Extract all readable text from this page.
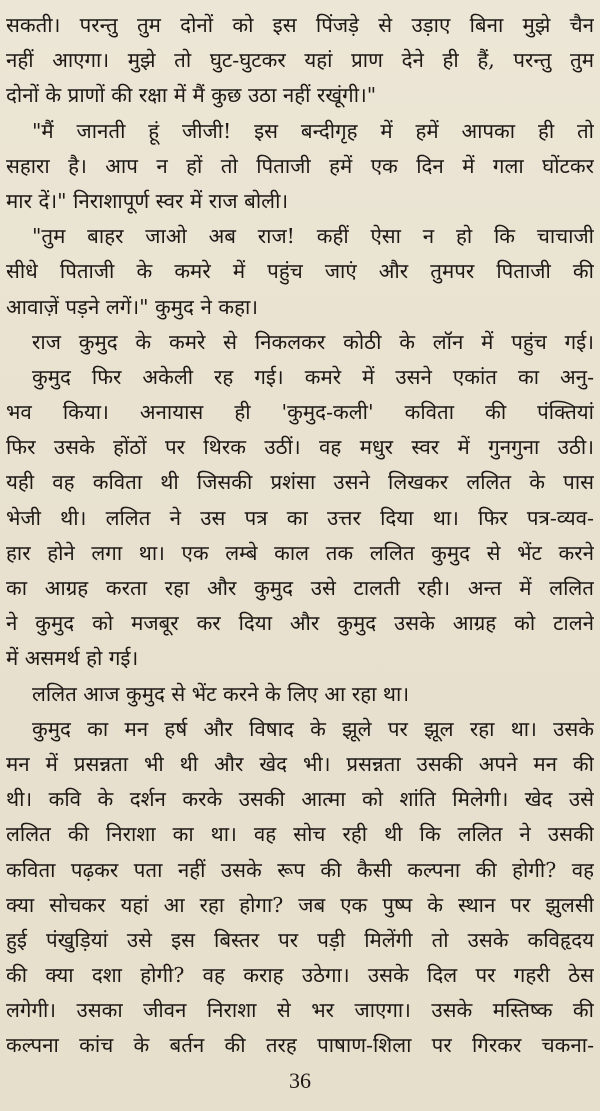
सकती। परन्तु तुम दोनों को इस पिंजड़े से उड़ाए बिना मुझे चैन
नहीं आएगा। मुझे तो घुट-घुटकर यहां प्राण देने ही हैं, परन्तु तुम
दोनों के प्राणों की रक्षा में मैं कुछ उठा नहीं रखूंगी।"
"मैं जानती हूं जीजी! इस बन्दीगृह में हमें आपका ही तो
सहारा है। आप न हों तो पिताजी हमें एक दिन में गला घोंटकर
मार दें।" निराशापूर्ण स्वर में राज बोली।
"तुम बाहर जाओ अब राज! कहीं ऐसा न हो कि चाचाजी
सीधे पिताजी के कमरे में पहुंच जाएं और तुमपर पिताजी की
आवाज़ें पड़ने लगें।" कुमुद ने कहा।
राज कुमुद के कमरे से निकलकर कोठी के लॉन में पहुंच गई।
कुमुद फिर अकेली रह गई। कमरे में उसने एकांत का अनु-
भव किया। अनायास ही 'कुमुद-कली' कविता की पंक्तियां
फिर उसके होंठों पर थिरक उठीं। वह मधुर स्वर में गुनगुना उठी।
यही वह कविता थी जिसकी प्रशंसा उसने लिखकर ललित के पास
भेजी थी। ललित ने उस पत्र का उत्तर दिया था। फिर पत्र-व्यव-
हार होने लगा था। एक लम्बे काल तक ललित कुमुद से भेंट करने
का आग्रह करता रहा और कुमुद उसे टालती रही। अन्त में ललित
ने कुमुद को मजबूर कर दिया और कुमुद उसके आग्रह को टालने
में असमर्थ हो गई।
ललित आज कुमुद से भेंट करने के लिए आ रहा था।
कुमुद का मन हर्ष और विषाद के झूले पर झूल रहा था। उसके
मन में प्रसन्नता भी थी और खेद भी। प्रसन्नता उसकी अपने मन की
थी। कवि के दर्शन करके उसकी आत्मा को शांति मिलेगी। खेद उसे
ललित की निराशा का था। वह सोच रही थी कि ललित ने उसकी
कविता पढ़कर पता नहीं उसके रूप की कैसी कल्पना की होगी? वह
क्या सोचकर यहां आ रहा होगा? जब एक पुष्प के स्थान पर झुलसी
हुई पंखुड़ियां उसे इस बिस्तर पर पड़ी मिलेंगी तो उसके कविहृदय
की क्या दशा होगी? वह कराह उठेगा। उसके दिल पर गहरी ठेस
लगेगी। उसका जीवन निराशा से भर जाएगा। उसके मस्तिष्क की
कल्पना कांच के बर्तन की तरह पाषाण-शिला पर गिरकर चकना-
36
